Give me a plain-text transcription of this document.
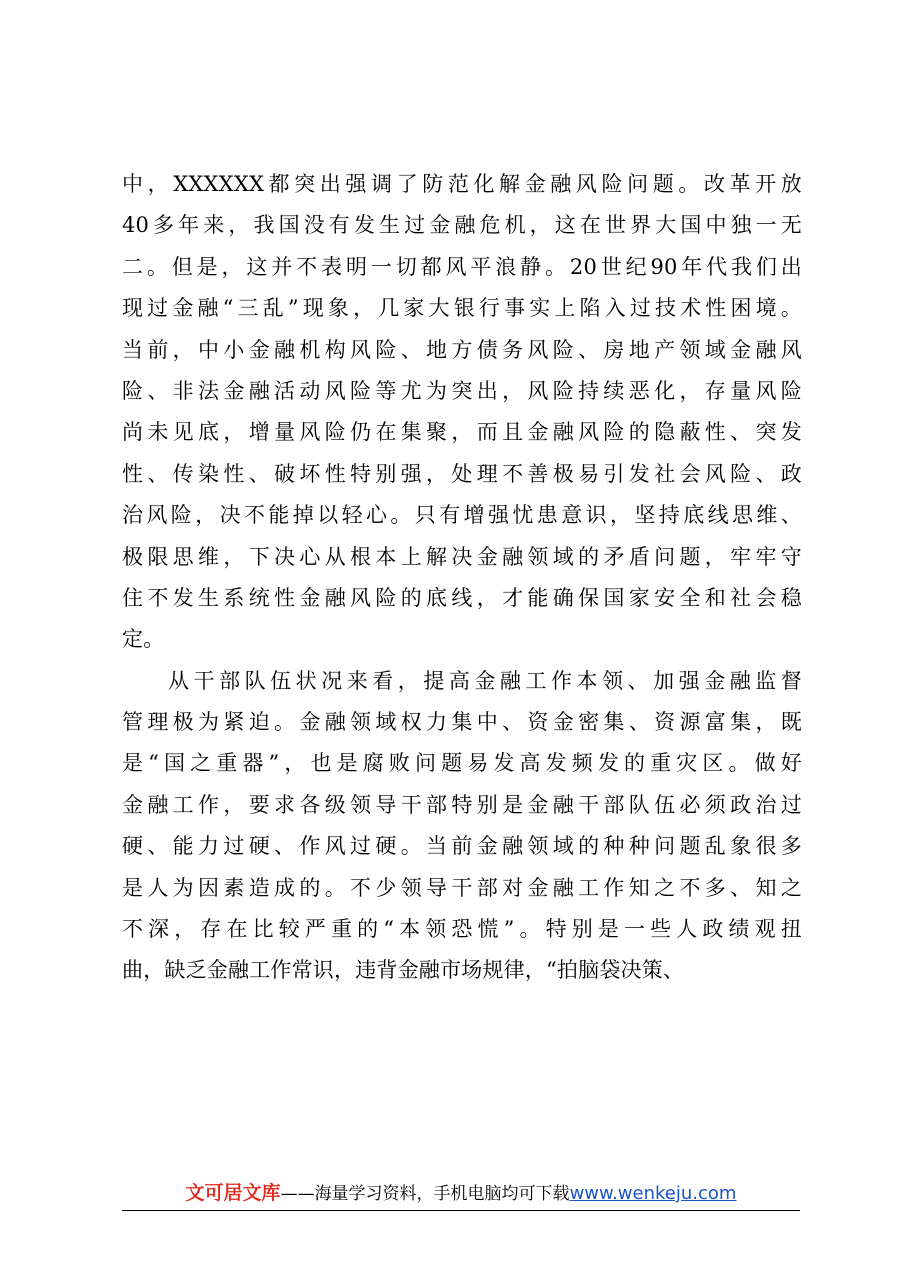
中，XXXXXX都突出强调了防范化解金融风险问题。改革开放
40多年来，我国没有发生过金融危机，这在世界大国中独一无
二。但是，这并不表明一切都风平浪静。20世纪90年代我们出
现过金融“三乱”现象，几家大银行事实上陷入过技术性困境。
当前，中小金融机构风险、地方债务风险、房地产领域金融风
险、非法金融活动风险等尤为突出，风险持续恶化，存量风险
尚未见底，增量风险仍在集聚，而且金融风险的隐蔽性、突发
性、传染性、破坏性特别强，处理不善极易引发社会风险、政
治风险，决不能掉以轻心。只有增强忧患意识，坚持底线思维、
极限思维，下决心从根本上解决金融领域的矛盾问题，牢牢守
住不发生系统性金融风险的底线，才能确保国家安全和社会稳
定。
从干部队伍状况来看，提高金融工作本领、加强金融监督
管理极为紧迫。金融领域权力集中、资金密集、资源富集，既
是“国之重器”，也是腐败问题易发高发频发的重灾区。做好
金融工作，要求各级领导干部特别是金融干部队伍必须政治过
硬、能力过硬、作风过硬。当前金融领域的种种问题乱象很多
是人为因素造成的。不少领导干部对金融工作知之不多、知之
不深，存在比较严重的“本领恐慌”。特别是一些人政绩观扭
曲，缺乏金融工作常识，违背金融市场规律，“拍脑袋决策、
文可居文库——海量学习资料，手机电脑均可下载www.wenkeju.com
